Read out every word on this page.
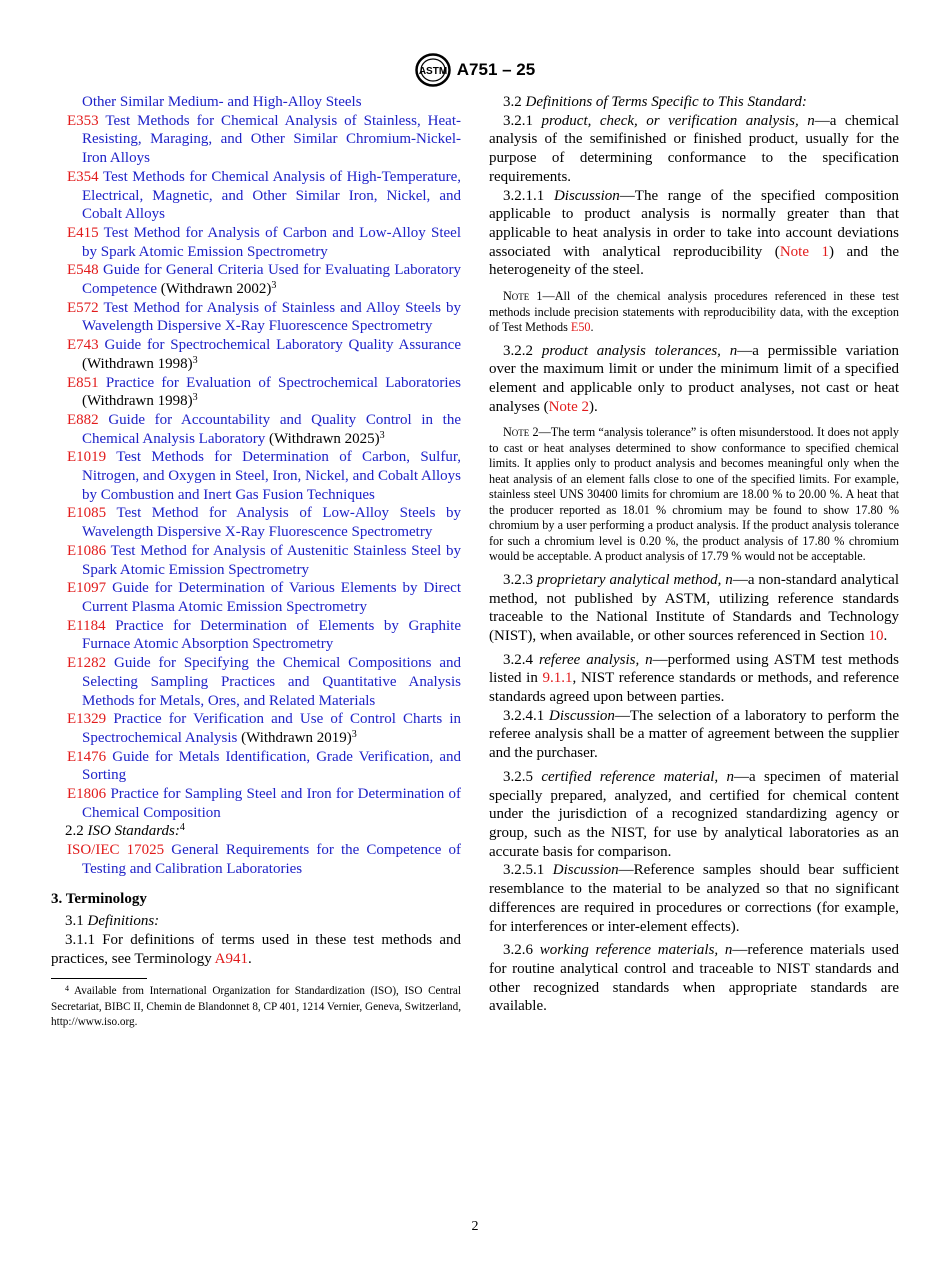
ASTM A751 – 25
Other Similar Medium- and High-Alloy Steels
E353 Test Methods for Chemical Analysis of Stainless, Heat-Resisting, Maraging, and Other Similar Chromium-Nickel-Iron Alloys
E354 Test Methods for Chemical Analysis of High-Temperature, Electrical, Magnetic, and Other Similar Iron, Nickel, and Cobalt Alloys
E415 Test Method for Analysis of Carbon and Low-Alloy Steel by Spark Atomic Emission Spectrometry
E548 Guide for General Criteria Used for Evaluating Laboratory Competence (Withdrawn 2002)$^3$
E572 Test Method for Analysis of Stainless and Alloy Steels by Wavelength Dispersive X-Ray Fluorescence Spectrometry
E743 Guide for Spectrochemical Laboratory Quality Assurance (Withdrawn 1998)$^3$
E851 Practice for Evaluation of Spectrochemical Laboratories (Withdrawn 1998)$^3$
E882 Guide for Accountability and Quality Control in the Chemical Analysis Laboratory (Withdrawn 2025)$^3$
E1019 Test Methods for Determination of Carbon, Sulfur, Nitrogen, and Oxygen in Steel, Iron, Nickel, and Cobalt Alloys by Combustion and Inert Gas Fusion Techniques
E1085 Test Method for Analysis of Low-Alloy Steels by Wavelength Dispersive X-Ray Fluorescence Spectrometry
E1086 Test Method for Analysis of Austenitic Stainless Steel by Spark Atomic Emission Spectrometry
E1097 Guide for Determination of Various Elements by Direct Current Plasma Atomic Emission Spectrometry
E1184 Practice for Determination of Elements by Graphite Furnace Atomic Absorption Spectrometry
E1282 Guide for Specifying the Chemical Compositions and Selecting Sampling Practices and Quantitative Analysis Methods for Metals, Ores, and Related Materials
E1329 Practice for Verification and Use of Control Charts in Spectrochemical Analysis (Withdrawn 2019)$^3$
E1476 Guide for Metals Identification, Grade Verification, and Sorting
E1806 Practice for Sampling Steel and Iron for Determination of Chemical Composition

2.2 ISO Standards:$^4$

ISO/IEC 17025 General Requirements for the Competence of Testing and Calibration Laboratories
3. Terminology

3.1 Definitions:

3.1.1 For definitions of terms used in these test methods and practices, see Terminology A941.

$^4$ Available from International Organization for Standardization (ISO), ISO Central Secretariat, BIBC II, Chemin de Blandonnet 8, CP 401, 1214 Vernier, Geneva, Switzerland, http://www.iso.org.

3.2 Definitions of Terms Specific to This Standard:

3.2.1 product, check, or verification analysis, n—a chemical analysis of the semifinished or finished product, usually for the purpose of determining conformance to the specification requirements.

3.2.1.1 Discussion—The range of the specified composition applicable to product analysis is normally greater than that applicable to heat analysis in order to take into account deviations associated with analytical reproducibility (Note 1) and the heterogeneity of the steel.

Note 1—All of the chemical analysis procedures referenced in these test methods include precision statements with reproducibility data, with the exception of Test Methods E50.

3.2.2 product analysis tolerances, n—a permissible variation over the maximum limit or under the minimum limit of a specified element and applicable only to product analyses, not cast or heat analyses (Note 2).

Note 2—The term “analysis tolerance” is often misunderstood. It does not apply to cast or heat analyses determined to show conformance to specified chemical limits. It applies only to product analysis and becomes meaningful only when the heat analysis of an element falls close to one of the specified limits. For example, stainless steel UNS 30400 limits for chromium are 18.00 % to 20.00 %. A heat that the producer reported as 18.01 % chromium may be found to show 17.80 % chromium by a user performing a product analysis. If the product analysis tolerance for such a chromium level is 0.20 %, the product analysis of 17.80 % chromium would be acceptable. A product analysis of 17.79 % would not be acceptable.

3.2.3 proprietary analytical method, n—a non-standard analytical method, not published by ASTM, utilizing reference standards traceable to the National Institute of Standards and Technology (NIST), when available, or other sources referenced in Section 10.

3.2.4 referee analysis, n—performed using ASTM test methods listed in 9.1.1, NIST reference standards or methods, and reference standards agreed upon between parties.

3.2.4.1 Discussion—The selection of a laboratory to perform the referee analysis shall be a matter of agreement between the supplier and the purchaser.

3.2.5 certified reference material, n—a specimen of material specially prepared, analyzed, and certified for chemical content under the jurisdiction of a recognized standardizing agency or group, such as the NIST, for use by analytical laboratories as an accurate basis for comparison.

3.2.5.1 Discussion—Reference samples should bear sufficient resemblance to the material to be analyzed so that no significant differences are required in procedures or corrections (for example, for interferences or inter-element effects).

3.2.6 working reference materials, n—reference materials used for routine analytical control and traceable to NIST standards and other recognized standards when appropriate standards are available.

2
